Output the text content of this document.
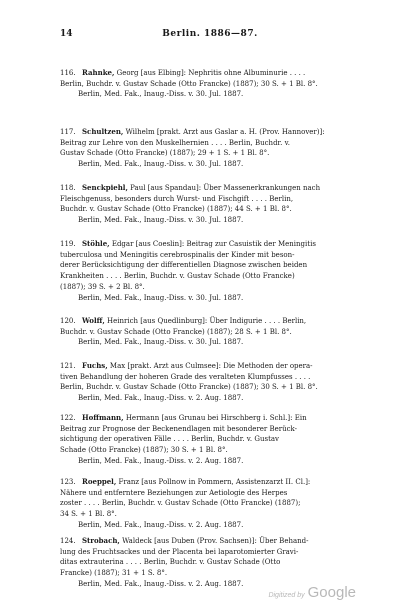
14	Berlin. 1886—87.
116. Rahnke, Georg [aus Elbing]: Nephritis ohne Albuminurie . . . .
Berlin, Buchdr. v. Gustav Schade (Otto Francke) (1887); 30 S. + 1 Bl. 8°.
Berlin, Med. Fak., Inaug.-Diss. v. 30. Jul. 1887.
117. Schultzen, Wilhelm [prakt. Arzt aus Gaslar a. H. (Prov. Hannover)]:
Beitrag zur Lehre von den Muskelhernien . . . . Berlin, Buchdr. v.
Gustav Schade (Otto Francke) (1887); 29 + 1 S. + 1 Bl. 8°.
Berlin, Med. Fak., Inaug.-Diss. v. 30. Jul. 1887.
118. Senckpiehl, Paul [aus Spandau]: Über Massenerkrankungen nach
Fleischgenuss, besonders durch Wurst- und Fischgift . . . . Berlin,
Buchdr. v. Gustav Schade (Otto Francke) (1887); 44 S. + 1 Bl. 8°.
Berlin, Med. Fak., Inaug.-Diss. v. 30. Jul. 1887.
119. Stöhle, Edgar [aus Coeslin]: Beitrag zur Casuistik der Meningitis
tuberculosa und Meningitis cerebrospinalis der Kinder mit beson-
derer Berücksichtigung der differentiellen Diagnose zwischen beiden
Krankheiten . . . . Berlin, Buchdr. v. Gustav Schade (Otto Francke)
(1887); 39 S. + 2 Bl. 8°.
Berlin, Med. Fak., Inaug.-Diss. v. 30. Jul. 1887.
120. Wolff, Heinrich [aus Quedlinburg]: Über Indigurie . . . . Berlin,
Buchdr. v. Gustav Schade (Otto Francke) (1887); 28 S. + 1 Bl. 8°.
Berlin, Med. Fak., Inaug.-Diss. v. 30. Jul. 1887.
121. Fuchs, Max [prakt. Arzt aus Culmsee]: Die Methoden der opera-
tiven Behandlung der hoheren Grade des veralteten Klumpfusses . . . .
Berlin, Buchdr. v. Gustav Schade (Otto Francke) (1887); 30 S. + 1 Bl. 8°.
Berlin, Med. Fak., Inaug.-Diss. v. 2. Aug. 1887.
122. Hoffmann, Hermann [aus Grunau bei Hirschberg i. Schl.]: Ein
Beitrag zur Prognose der Beckenendlagen mit besonderer Berück-
sichtigung der operativen Fälle . . . . Berlin, Buchdr. v. Gustav
Schade (Otto Francke) (1887); 30 S. + 1 Bl. 8°.
Berlin, Med. Fak., Inaug.-Diss. v. 2. Aug. 1887.
123. Roeppel, Franz [aus Pollnow in Pommern, Assistenzarzt II. Cl.]:
Nähere und entferntere Beziehungen zur Aetiologie des Herpes
zoster . . . . Berlin, Buchdr. v. Gustav Schade (Otto Francke) (1887);
34 S. + 1 Bl. 8°.
Berlin, Med. Fak., Inaug.-Diss. v. 2. Aug. 1887.
124. Strobach, Waldeck [aus Duben (Prov. Sachsen)]: Über Behand-
lung des Fruchtsackes und der Placenta bei laparotomierter Gravi-
ditas extrauterina . . . . Berlin, Buchdr. v. Gustav Schade (Otto
Francke) (1887); 31 + 1 S. 8°.
Berlin, Med. Fak., Inaug.-Diss. v. 2. Aug. 1887.
Digitized by Google
